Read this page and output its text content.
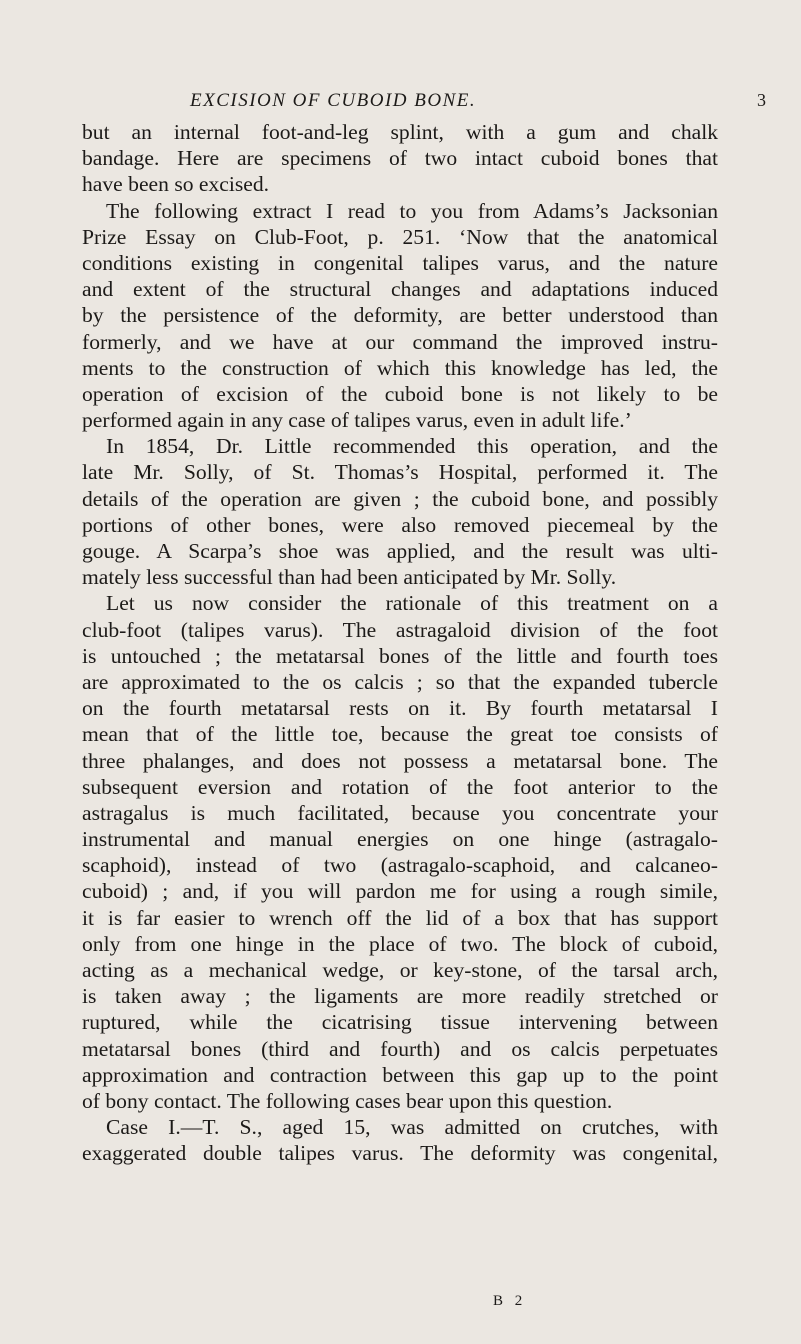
EXCISION OF CUBOID BONE.	3
but an internal foot-and-leg splint, with a gum and chalk
bandage. Here are specimens of two intact cuboid bones that
have been so excised.
The following extract I read to you from Adams’s Jacksonian
Prize Essay on Club-Foot, p. 251. ‘Now that the anatomical
conditions existing in congenital talipes varus, and the nature
and extent of the structural changes and adaptations induced
by the persistence of the deformity, are better understood than
formerly, and we have at our command the improved instru-
ments to the construction of which this knowledge has led, the
operation of excision of the cuboid bone is not likely to be
performed again in any case of talipes varus, even in adult life.’
In 1854, Dr. Little recommended this operation, and the
late Mr. Solly, of St. Thomas’s Hospital, performed it. The
details of the operation are given ; the cuboid bone, and possibly
portions of other bones, were also removed piecemeal by the
gouge. A Scarpa’s shoe was applied, and the result was ulti-
mately less successful than had been anticipated by Mr. Solly.
Let us now consider the rationale of this treatment on a
club-foot (talipes varus). The astragaloid division of the foot
is untouched ; the metatarsal bones of the little and fourth toes
are approximated to the os calcis ; so that the expanded tubercle
on the fourth metatarsal rests on it. By fourth metatarsal I
mean that of the little toe, because the great toe consists of
three phalanges, and does not possess a metatarsal bone. The
subsequent eversion and rotation of the foot anterior to the
astragalus is much facilitated, because you concentrate your
instrumental and manual energies on one hinge (astragalo-
scaphoid), instead of two (astragalo-scaphoid, and calcaneo-
cuboid) ; and, if you will pardon me for using a rough simile,
it is far easier to wrench off the lid of a box that has support
only from one hinge in the place of two. The block of cuboid,
acting as a mechanical wedge, or key-stone, of the tarsal arch,
is taken away ; the ligaments are more readily stretched or
ruptured, while the cicatrising tissue intervening between
metatarsal bones (third and fourth) and os calcis perpetuates
approximation and contraction between this gap up to the point
of bony contact. The following cases bear upon this question.
Case I.—T. S., aged 15, was admitted on crutches, with
exaggerated double talipes varus. The deformity was congenital,
B 2
